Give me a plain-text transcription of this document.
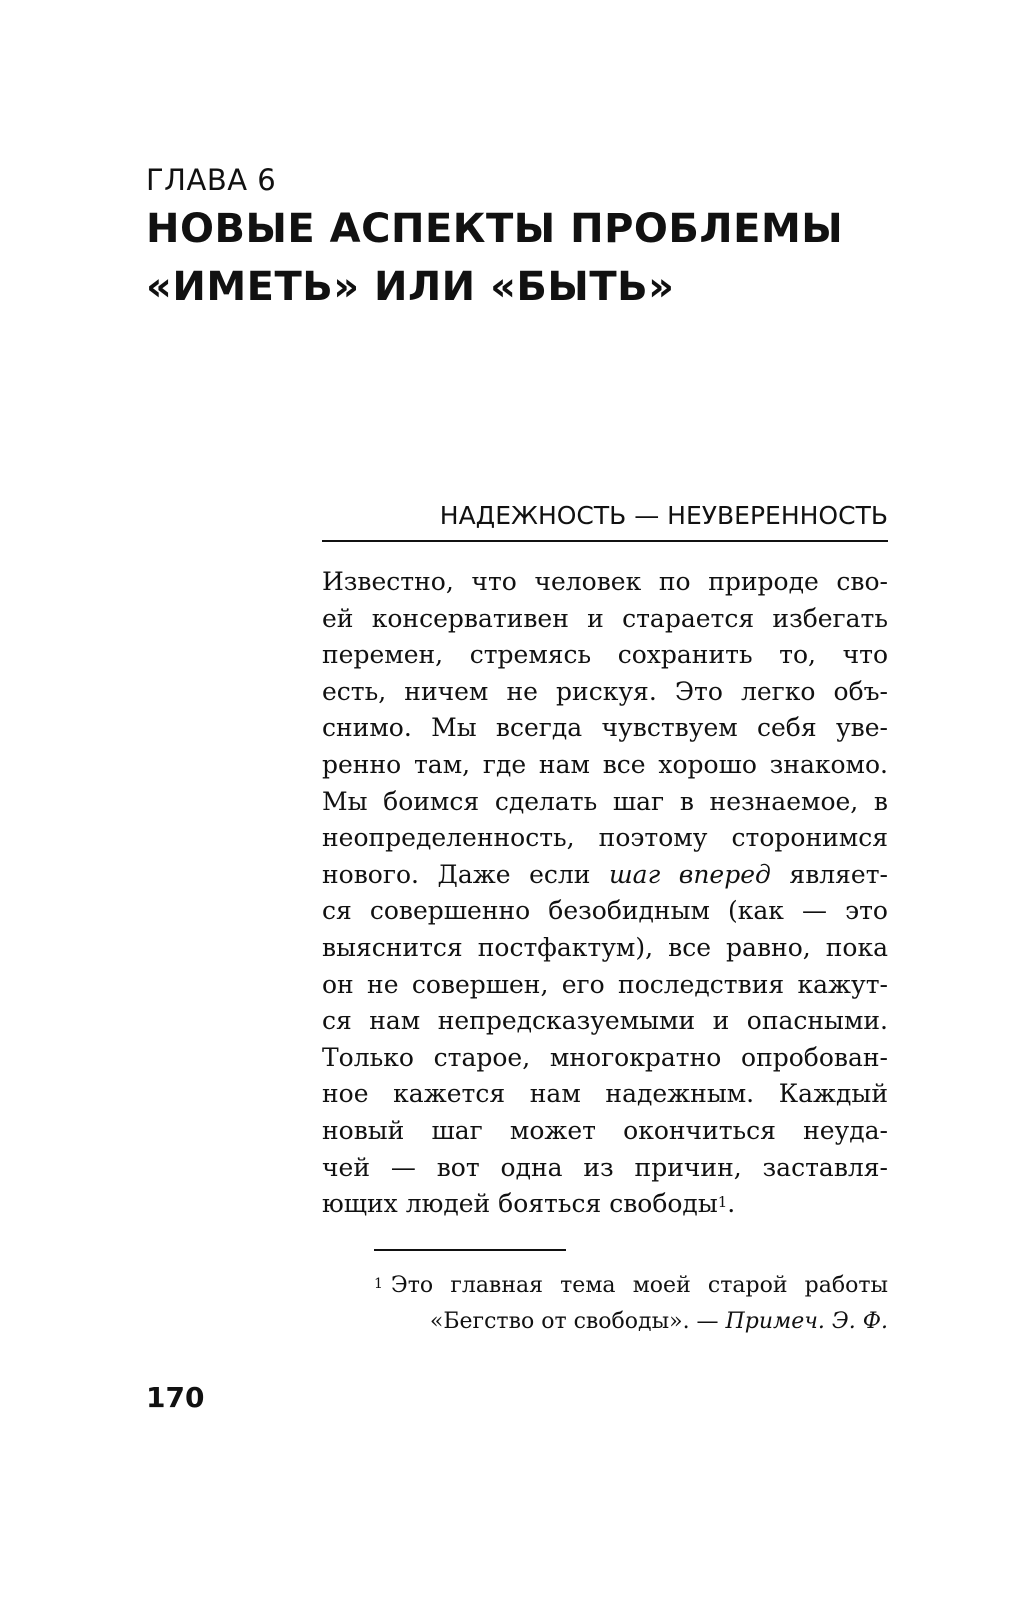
ГЛАВА 6
НОВЫЕ АСПЕКТЫ ПРОБЛЕМЫ
«ИМЕТЬ» ИЛИ «БЫТЬ»
НАДЕЖНОСТЬ — НЕУВЕРЕННОСТЬ
Известно, что человек по природе сво-
ей консервативен и старается избегать
перемен, стремясь сохранить то, что
есть, ничем не рискуя. Это легко объ-
снимо. Мы всегда чувствуем себя уве-
ренно там, где нам все хорошо знакомо.
Мы боимся сделать шаг в незнаемое, в
неопределенность, поэтому сторонимся
нового. Даже если шаг вперед являет-
ся совершенно безобидным (как — это
выяснится постфактум), все равно, пока
он не совершен, его последствия кажут-
ся нам непредсказуемыми и опасными.
Только старое, многократно опробован-
ное кажется нам надежным. Каждый
новый шаг может окончиться неуда-
чей — вот одна из причин, заставля-
ющих людей бояться свободы$^1$.
$^1$ Это главная тема моей старой работы
«Бегство от свободы». — Примеч. Э. Ф.
170
